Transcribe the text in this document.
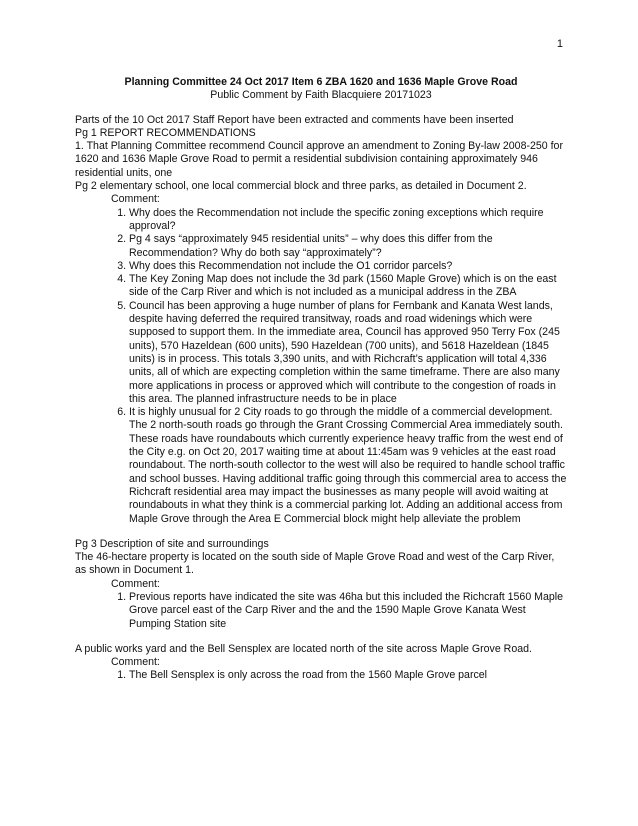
1

Planning Committee 24 Oct 2017 Item 6 ZBA 1620 and 1636 Maple Grove Road

Public Comment by Faith Blacquiere 20171023

Parts of the 10 Oct 2017 Staff Report have been extracted and comments have been inserted

Pg 1 REPORT RECOMMENDATIONS

1. That Planning Committee recommend Council approve an amendment to Zoning By-law 2008-250 for 1620 and 1636 Maple Grove Road to permit a residential subdivision containing approximately 946 residential units, one

Pg 2 elementary school, one local commercial block and three parks, as detailed in Document 2.

Comment:

1. Why does the Recommendation not include the specific zoning exceptions which require approval?
2. Pg 4 says “approximately 945 residential units” – why does this differ from the Recommendation? Why do both say “approximately”?
3. Why does this Recommendation not include the O1 corridor parcels?
4. The Key Zoning Map does not include the 3d park (1560 Maple Grove) which is on the east side of the Carp River and which is not included as a municipal address in the ZBA
5. Council has been approving a huge number of plans for Fernbank and Kanata West lands, despite having deferred the required transitway, roads and road widenings which were supposed to support them. In the immediate area, Council has approved 950 Terry Fox (245 units), 570 Hazeldean (600 units), 590 Hazeldean (700 units), and 5618 Hazeldean (1845 units) is in process. This totals 3,390 units, and with Richcraft’s application will total 4,336 units, all of which are expecting completion within the same timeframe. There are also many more applications in process or approved which will contribute to the congestion of roads in this area. The planned infrastructure needs to be in place
6. It is highly unusual for 2 City roads to go through the middle of a commercial development. The 2 north-south roads go through the Grant Crossing Commercial Area immediately south. These roads have roundabouts which currently experience heavy traffic from the west end of the City e.g. on Oct 20, 2017 waiting time at about 11:45am was 9 vehicles at the east road roundabout. The north-south collector to the west will also be required to handle school traffic and school busses. Having additional traffic going through this commercial area to access the Richcraft residential area may impact the businesses as many people will avoid waiting at roundabouts in what they think is a commercial parking lot. Adding an additional access from Maple Grove through the Area E Commercial block might help alleviate the problem

Pg 3 Description of site and surroundings

The 46-hectare property is located on the south side of Maple Grove Road and west of the Carp River, as shown in Document 1.

Comment:

1. Previous reports have indicated the site was 46ha but this included the Richcraft 1560 Maple Grove parcel east of the Carp River and the and the 1590 Maple Grove Kanata West Pumping Station site

A public works yard and the Bell Sensplex are located north of the site across Maple Grove Road.

Comment:

1. The Bell Sensplex is only across the road from the 1560 Maple Grove parcel
